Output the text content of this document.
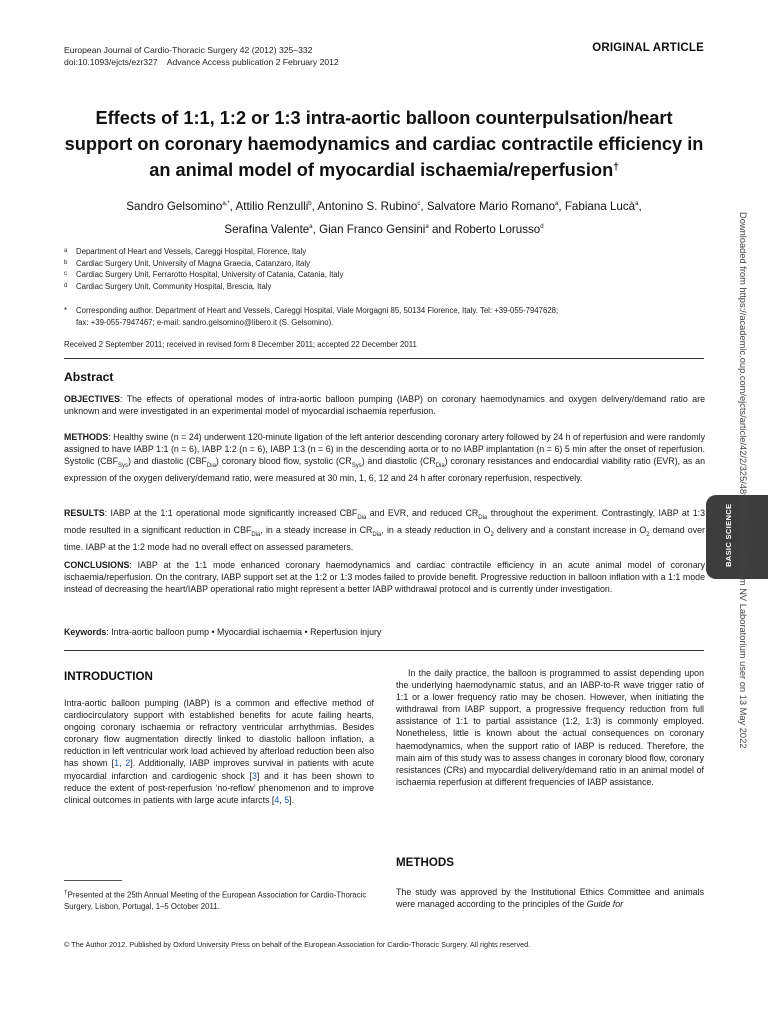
European Journal of Cardio-Thoracic Surgery 42 (2012) 325–332
doi:10.1093/ejcts/ezr327    Advance Access publication 2 February 2012
ORIGINAL ARTICLE
Effects of 1:1, 1:2 or 1:3 intra-aortic balloon counterpulsation/heart support on coronary haemodynamics and cardiac contractile efficiency in an animal model of myocardial ischaemia/reperfusion†
Sandro Gelsomino$^{a,*}$, Attilio Renzulli$^b$, Antonino S. Rubino$^c$, Salvatore Mario Romano$^a$, Fabiana Lucà$^a$,
Serafina Valente$^a$, Gian Franco Gensini$^a$ and Roberto Lorusso$^d$
a Department of Heart and Vessels, Careggi Hospital, Florence, Italy
b Cardiac Surgery Unit, University of Magna Graecia, Catanzaro, Italy
c Cardiac Surgery Unit, Ferrarotto Hospital, University of Catania, Catania, Italy
d Cardiac Surgery Unit, Community Hospital, Brescia, Italy
* Corresponding author. Department of Heart and Vessels, Careggi Hospital, Viale Morgagni 85, 50134 Florence, Italy. Tel: +39-055-7947628;
fax: +39-055-7947467; e-mail: sandro.gelsomino@libero.it (S. Gelsomino).
Received 2 September 2011; received in revised form 8 December 2011; accepted 22 December 2011
Abstract
OBJECTIVES: The effects of operational modes of intra-aortic balloon pumping (IABP) on coronary haemodynamics and oxygen delivery/demand ratio are unknown and were investigated in an experimental model of myocardial ischaemia reperfusion.
METHODS: Healthy swine (n = 24) underwent 120-minute ligation of the left anterior descending coronary artery followed by 24 h of reperfusion and were randomly assigned to have IABP 1:1 (n = 6), IABP 1:2 (n = 6), IABP 1:3 (n = 6) in the descending aorta or to no IABP implantation (n = 6) 5 min after the onset of reperfusion. Systolic $(CBF_{Sys})$ and diastolic $(CBF_{Dia})$ coronary blood flow, systolic $(CR_{Sys})$ and diastolic $(CR_{Dia})$ coronary resistances and endocardial viability ratio (EVR), as an expression of the oxygen delivery/demand ratio, were measured at 30 min, 1, 6, 12 and 24 h after coronary reperfusion, respectively.
RESULTS: IABP at the 1:1 operational mode significantly increased $CBF_{Dia}$ and EVR, and reduced $CR_{Dia}$ throughout the experiment. Contrastingly, IABP at 1:3 mode resulted in a significant reduction in $CBF_{Dia}$, in a steady increase in $CR_{Dia}$, in a steady reduction in $O_2$ delivery and a constant increase in $O_2$ demand over time. IABP at the 1:2 mode had no overall effect on assessed parameters.
CONCLUSIONS: IABP at the 1:1 mode enhanced coronary haemodynamics and cardiac contractile efficiency in an acute animal model of coronary ischaemia/reperfusion. On the contrary, IABP support set at the 1:2 or 1:3 modes failed to provide benefit. Progressive reduction in balloon inflation with a 1:1 mode instead of decreasing the heart/IABP operational ratio might represent a better IABP withdrawal protocol and is currently under investigation.
Keywords: Intra-aortic balloon pump • Myocardial ischaemia • Reperfusion injury
INTRODUCTION
Intra-aortic balloon pumping (IABP) is a common and effective method of cardiocirculatory support with established benefits for acute failing hearts, ongoing coronary ischaemia or refractory ventricular arrhythmias. Besides coronary flow augmentation directly linked to diastolic balloon inflation, a reduction in left ventricular work load achieved by afterload reduction been also has shown [1, 2]. Additionally, IABP improves survival in patients with acute myocardial infarction and cardiogenic shock [3] and it has been shown to reduce the extent of post-reperfusion ‘no-reflow’ phenomenon and to improve clinical outcomes in patients with large acute infarcts [4, 5].
In the daily practice, the balloon is programmed to assist depending upon the underlying haemodynamic status, and an IABP-to-R wave trigger ratio of 1:1 or a lower frequency ratio may be chosen. However, when initiating the withdrawal from IABP support, a progressive frequency reduction from full assistance of 1:1 to partial assistance (1:2, 1:3) is commonly employed. Nonetheless, little is known about the actual consequences on coronary haemodynamics, when the support ratio of IABP is reduced. Therefore, the main aim of this study was to assess changes in coronary blood flow, coronary resistances (CRs) and myocardial delivery/demand ratio in an animal model of ischaemia reperfusion at different frequencies of IABP assistance.
METHODS
The study was approved by the Institutional Ethics Committee and animals were managed according to the principles of the Guide for
†Presented at the 25th Annual Meeting of the European Association for Cardio-Thoracic Surgery, Lisbon, Portugal, 1–5 October 2011.
© The Author 2012. Published by Oxford University Press on behalf of the European Association for Cardio-Thoracic Surgery. All rights reserved.
BASIC SCIENCE Downloaded from https://academic.oup.com/ejcts/article/42/2/325/489840 by SGS Belgium NV Laboratorium user on 13 May 2022
